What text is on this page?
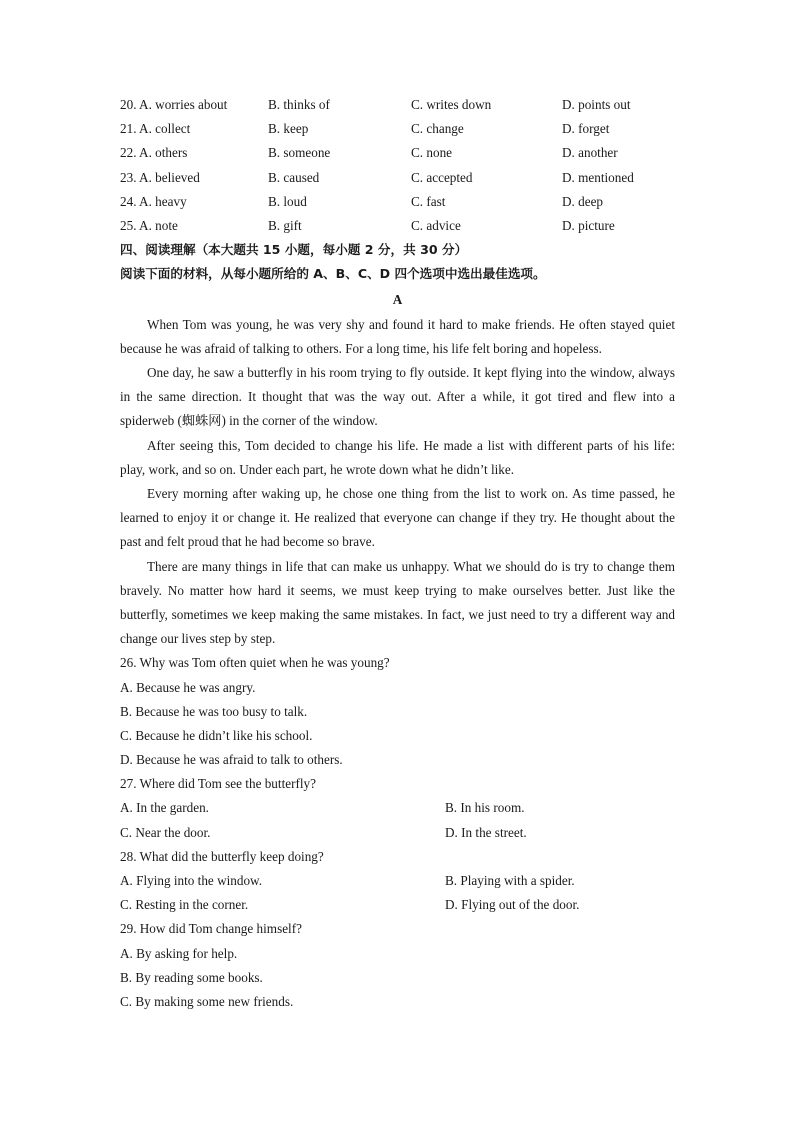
20. A. worries about	B. thinks of	C. writes down	D. points out
21. A. collect	B. keep	C. change	D. forget
22. A. others	B. someone	C. none	D. another
23. A. believed	B. caused	C. accepted	D. mentioned
24. A. heavy	B. loud	C. fast	D. deep
25. A. note	B. gift	C. advice	D. picture
四、阅读理解（本大题共 15 小题，每小题 2 分，共 30 分）
阅读下面的材料，从每小题所给的 A、B、C、D 四个选项中选出最佳选项。
A

When Tom was young, he was very shy and found it hard to make friends. He often stayed quiet because he was afraid of talking to others. For a long time, his life felt boring and hopeless.

One day, he saw a butterfly in his room trying to fly outside. It kept flying into the window, always in the same direction. It thought that was the way out. After a while, it got tired and flew into a spiderweb (蜘蛛网) in the corner of the window.

After seeing this, Tom decided to change his life. He made a list with different parts of his life: play, work, and so on. Under each part, he wrote down what he didn’t like.

Every morning after waking up, he chose one thing from the list to work on. As time passed, he learned to enjoy it or change it. He realized that everyone can change if they try. He thought about the past and felt proud that he had become so brave.

There are many things in life that can make us unhappy. What we should do is try to change them bravely. No matter how hard it seems, we must keep trying to make ourselves better. Just like the butterfly, sometimes we keep making the same mistakes. In fact, we just need to try a different way and change our lives step by step.

26. Why was Tom often quiet when he was young?
A. Because he was angry.
B. Because he was too busy to talk.
C. Because he didn’t like his school.
D. Because he was afraid to talk to others.
27. Where did Tom see the butterfly?
A. In the garden.	B. In his room.
C. Near the door.	D. In the street.
28. What did the butterfly keep doing?
A. Flying into the window.	B. Playing with a spider.
C. Resting in the corner.	D. Flying out of the door.
29. How did Tom change himself?
A. By asking for help.
B. By reading some books.
C. By making some new friends.
